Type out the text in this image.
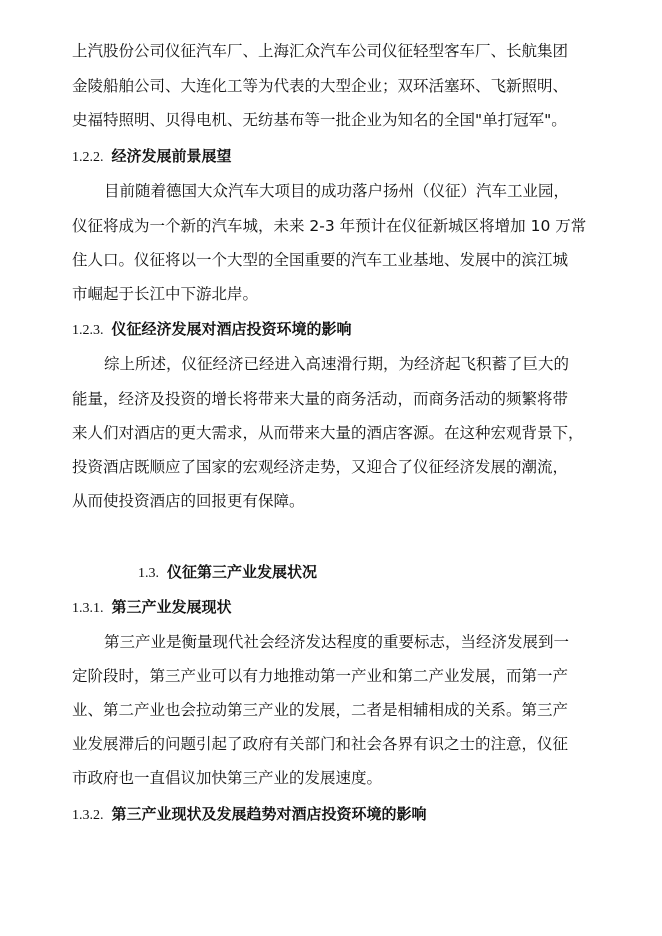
上汽股份公司仪征汽车厂、上海汇众汽车公司仪征轻型客车厂、长航集团
金陵船舶公司、大连化工等为代表的大型企业；双环活塞环、飞新照明、
史福特照明、贝得电机、无纺基布等一批企业为知名的全国"单打冠军"。
1.2.2. 经济发展前景展望
目前随着德国大众汽车大项目的成功落户扬州（仪征）汽车工业园，
仪征将成为一个新的汽车城，未来 2-3 年预计在仪征新城区将增加 10 万常
住人口。仪征将以一个大型的全国重要的汽车工业基地、发展中的滨江城
市崛起于长江中下游北岸。
1.2.3. 仪征经济发展对酒店投资环境的影响
综上所述，仪征经济已经进入高速滑行期，为经济起飞积蓄了巨大的
能量，经济及投资的增长将带来大量的商务活动，而商务活动的频繁将带
来人们对酒店的更大需求，从而带来大量的酒店客源。在这种宏观背景下，
投资酒店既顺应了国家的宏观经济走势，又迎合了仪征经济发展的潮流，
从而使投资酒店的回报更有保障。
1.3. 仪征第三产业发展状况
1.3.1. 第三产业发展现状
第三产业是衡量现代社会经济发达程度的重要标志，当经济发展到一
定阶段时，第三产业可以有力地推动第一产业和第二产业发展，而第一产
业、第二产业也会拉动第三产业的发展，二者是相辅相成的关系。第三产
业发展滞后的问题引起了政府有关部门和社会各界有识之士的注意，仪征
市政府也一直倡议加快第三产业的发展速度。
1.3.2. 第三产业现状及发展趋势对酒店投资环境的影响
